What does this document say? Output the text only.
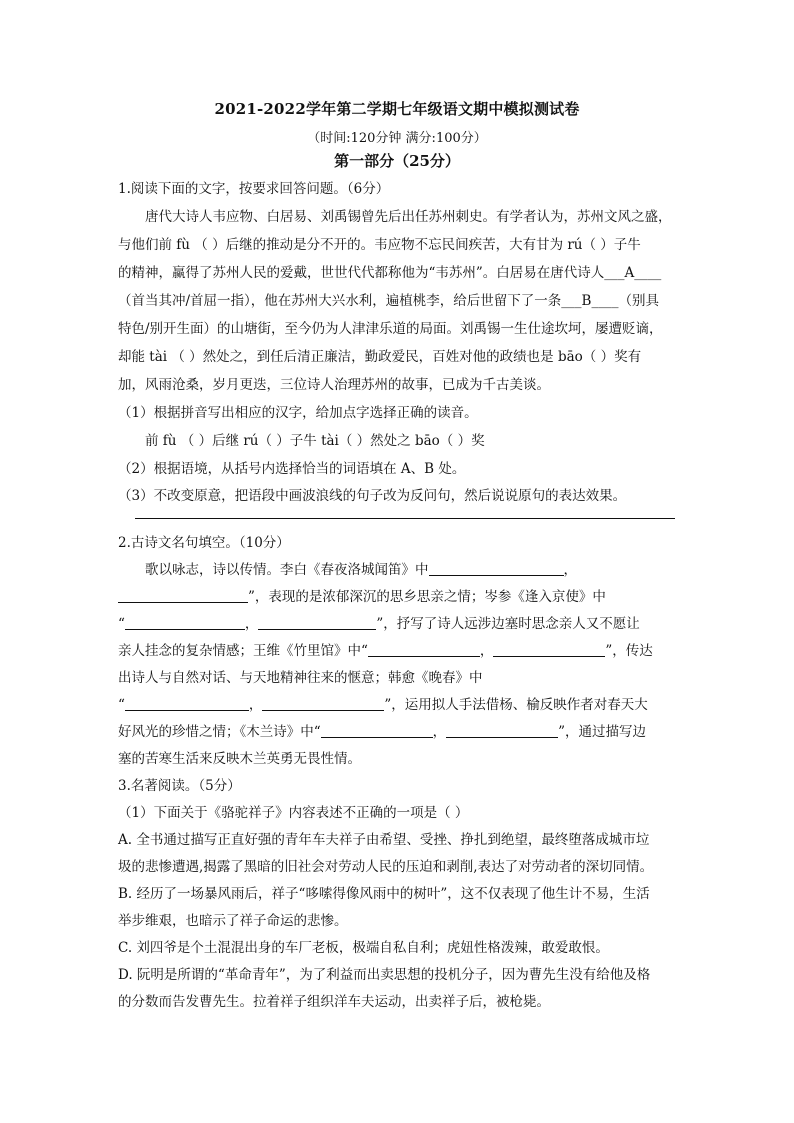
2021-2022学年第二学期七年级语文期中模拟测试卷
（时间:120分钟 满分:100分）
第一部分（25分）
1.阅读下面的文字，按要求回答问题。（6分）
唐代大诗人韦应物、白居易、刘禹锡曾先后出任苏州刺史。有学者认为，苏州文风之盛，
与他们前 fù （ ）后继的推动是分不开的。韦应物不忘民间疾苦，大有甘为 rú（ ）子牛
的精神，赢得了苏州人民的爱戴，世世代代都称他为“韦苏州”。白居易在唐代诗人___A____
（首当其冲/首屈一指），他在苏州大兴水利，遍植桃李，给后世留下了一条___B____（别具
特色/别开生面）的山塘街，至今仍为人津津乐道的局面。刘禹锡一生仕途坎坷，屡遭贬谪，
却能 tài （ ）然处之，到任后清正廉洁，勤政爱民，百姓对他的政绩也是 bāo（ ）奖有
加，风雨沧桑，岁月更迭，三位诗人治理苏州的故事，已成为千古美谈。
（1）根据拼音写出相应的汉字，给加点字选择正确的读音。
前 fù （ ）后继 rú（ ）子牛 tài（ ）然处之 bāo（ ）奖
（2）根据语境，从括号内选择恰当的词语填在 A、B 处。
（3）不改变原意，把语段中画波浪线的句子改为反问句，然后说说原句的表达效果。
2.古诗文名句填空。（10分）
歌以咏志，诗以传情。李白《春夜洛城闻笛》中	，
”，表现的是浓郁深沉的思乡思亲之情；岑参《逢入京使》中
“	，	”，抒写了诗人远涉边塞时思念亲人又不愿让
亲人挂念的复杂情感；王维《竹里馆》中“	，	”，传达
出诗人与自然对话、与天地精神往来的惬意；韩愈《晚春》中
“	，	”，运用拟人手法借杨、榆反映作者对春天大
好风光的珍惜之情；《木兰诗》中“	，	”，通过描写边
塞的苦寒生活来反映木兰英勇无畏性情。
3.名著阅读。（5分）
（1）下面关于《骆驼祥子》内容表述不正确的一项是（ ）
A. 全书通过描写正直好强的青年车夫祥子由希望、受挫、挣扎到绝望，最终堕落成城市垃
圾的悲惨遭遇,揭露了黑暗的旧社会对劳动人民的压迫和剥削,表达了对劳动者的深切同情。
B. 经历了一场暴风雨后，祥子“哆嗦得像风雨中的树叶”，这不仅表现了他生计不易，生活
举步维艰，也暗示了祥子命运的悲惨。
C. 刘四爷是个土混混出身的车厂老板，极端自私自利；虎妞性格泼辣，敢爱敢恨。
D. 阮明是所谓的“革命青年”，为了利益而出卖思想的投机分子，因为曹先生没有给他及格
的分数而告发曹先生。拉着祥子组织洋车夫运动，出卖祥子后，被枪毙。
